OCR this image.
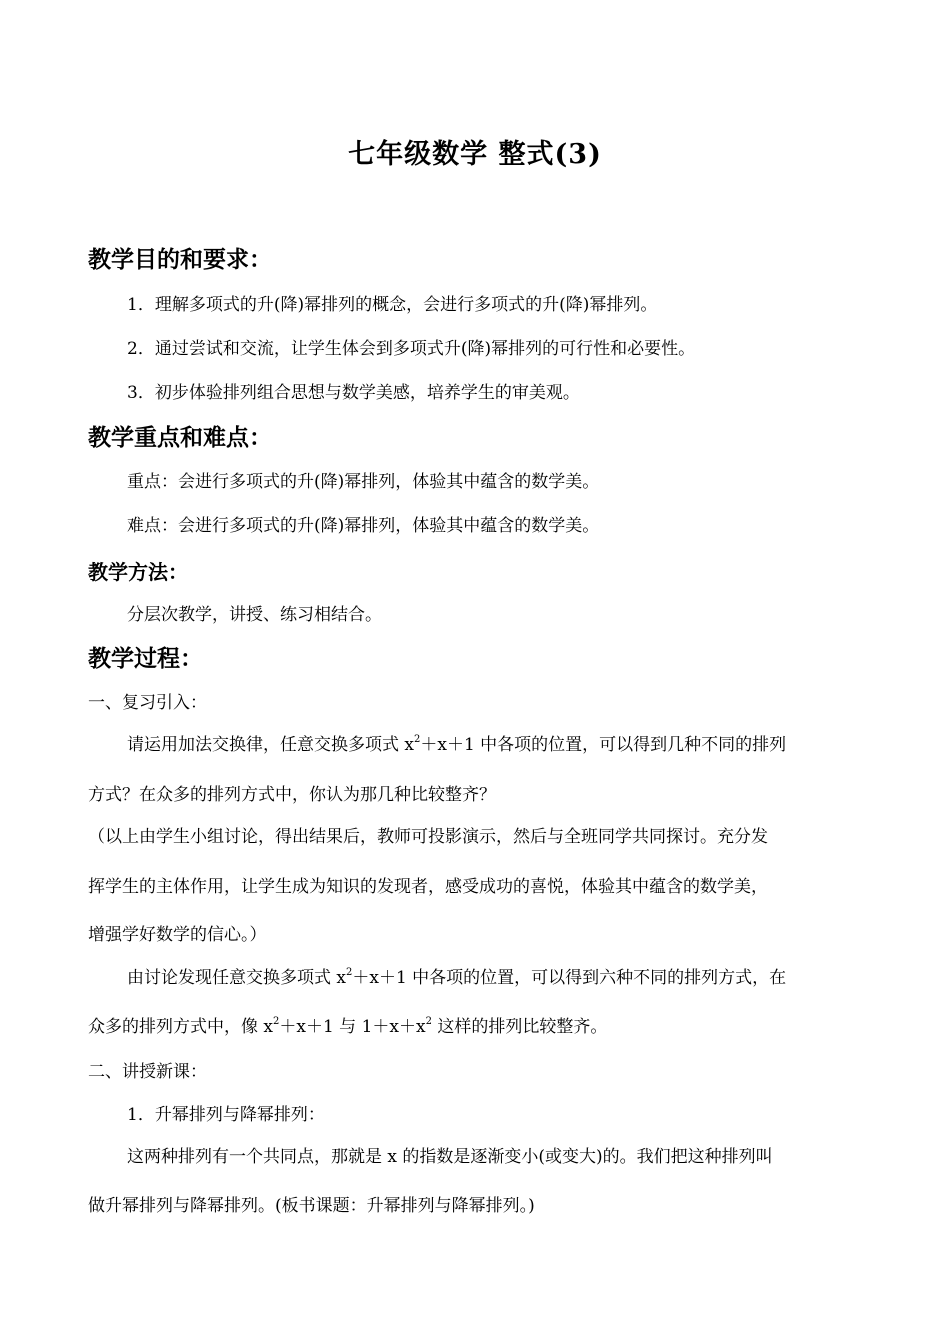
七年级数学 整式(3)
教学目的和要求：
1．理解多项式的升(降)幂排列的概念，会进行多项式的升(降)幂排列。
2．通过尝试和交流，让学生体会到多项式升(降)幂排列的可行性和必要性。
3．初步体验排列组合思想与数学美感，培养学生的审美观。
教学重点和难点：
重点：会进行多项式的升(降)幂排列，体验其中蕴含的数学美。
难点：会进行多项式的升(降)幂排列，体验其中蕴含的数学美。
教学方法：
分层次教学，讲授、练习相结合。
教学过程：
一、复习引入：
请运用加法交换律，任意交换多项式 $x^2+x+1$ 中各项的位置，可以得到几种不同的排列
方式？在众多的排列方式中，你认为那几种比较整齐？
（以上由学生小组讨论，得出结果后，教师可投影演示，然后与全班同学共同探讨。充分发
挥学生的主体作用，让学生成为知识的发现者，感受成功的喜悦，体验其中蕴含的数学美，
增强学好数学的信心。）
由讨论发现任意交换多项式 $x^2+x+1$ 中各项的位置，可以得到六种不同的排列方式，在
众多的排列方式中，像 $x^2+x+1$ 与 $1+x+x^2$ 这样的排列比较整齐。
二、讲授新课：
1．升幂排列与降幂排列：
这两种排列有一个共同点，那就是 x 的指数是逐渐变小(或变大)的。我们把这种排列叫
做升幂排列与降幂排列。(板书课题：升幂排列与降幂排列。)
